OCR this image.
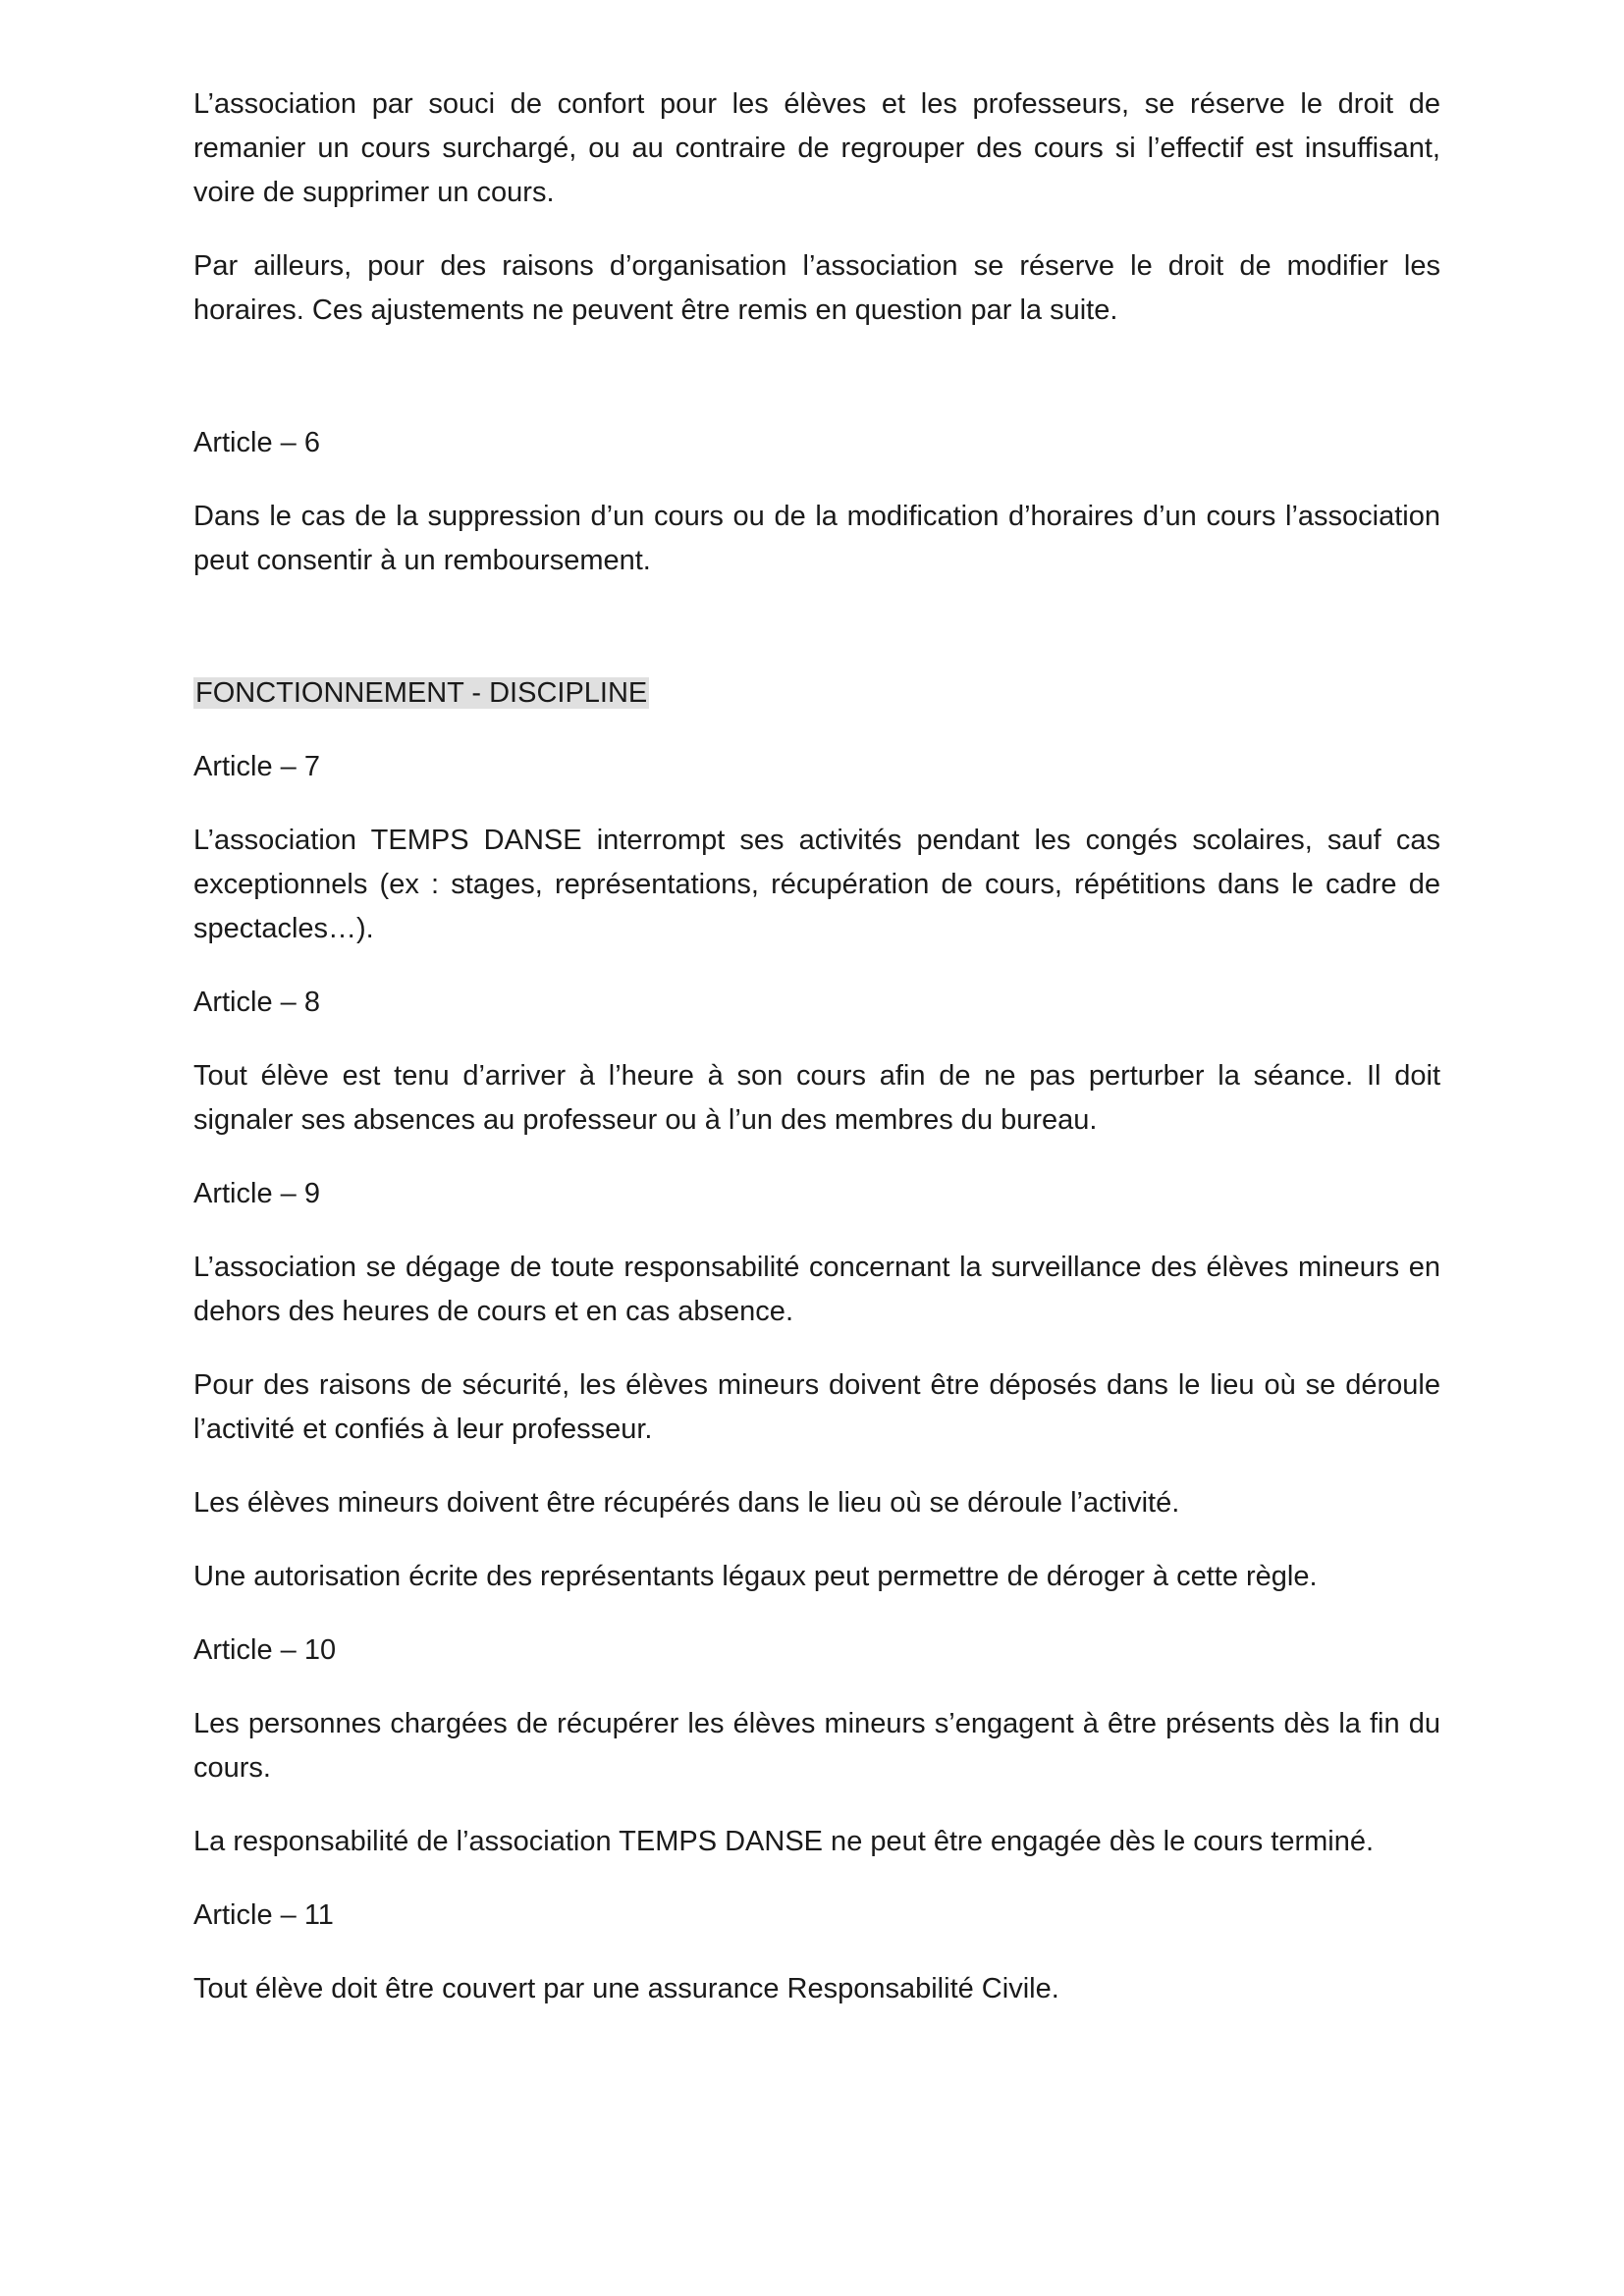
L’association par souci de confort pour les élèves et les professeurs, se réserve le droit de remanier un cours surchargé, ou au contraire de regrouper des cours si l’effectif est insuffisant, voire de supprimer un cours.

Par ailleurs, pour des raisons d’organisation l’association se réserve le droit de modifier les horaires. Ces ajustements ne peuvent être remis en question par la suite.

Article – 6

Dans le cas de la suppression d’un cours ou de la modification d’horaires d’un cours l’association peut consentir à un remboursement.

FONCTIONNEMENT - DISCIPLINE

Article – 7

L’association TEMPS DANSE interrompt ses activités pendant les congés scolaires, sauf cas exceptionnels (ex : stages, représentations, récupération de cours, répétitions dans le cadre de spectacles…).

Article – 8

Tout élève est tenu d’arriver à l’heure à son cours afin de ne pas perturber la séance. Il doit signaler ses absences au professeur ou à l’un des membres du bureau.

Article – 9

L’association se dégage de toute responsabilité concernant la surveillance des élèves mineurs en dehors des heures de cours et en cas absence.

Pour des raisons de sécurité, les élèves mineurs doivent être déposés dans le lieu où se déroule l’activité et confiés à leur professeur.

Les élèves mineurs doivent être récupérés dans le lieu où se déroule l’activité.

Une autorisation écrite des représentants légaux peut permettre de déroger à cette règle.

Article – 10

Les personnes chargées de récupérer les élèves mineurs s’engagent à être présents dès la fin du cours.

La responsabilité de l’association TEMPS DANSE ne peut être engagée dès le cours terminé.

Article – 11

Tout élève doit être couvert par une assurance Responsabilité Civile.
